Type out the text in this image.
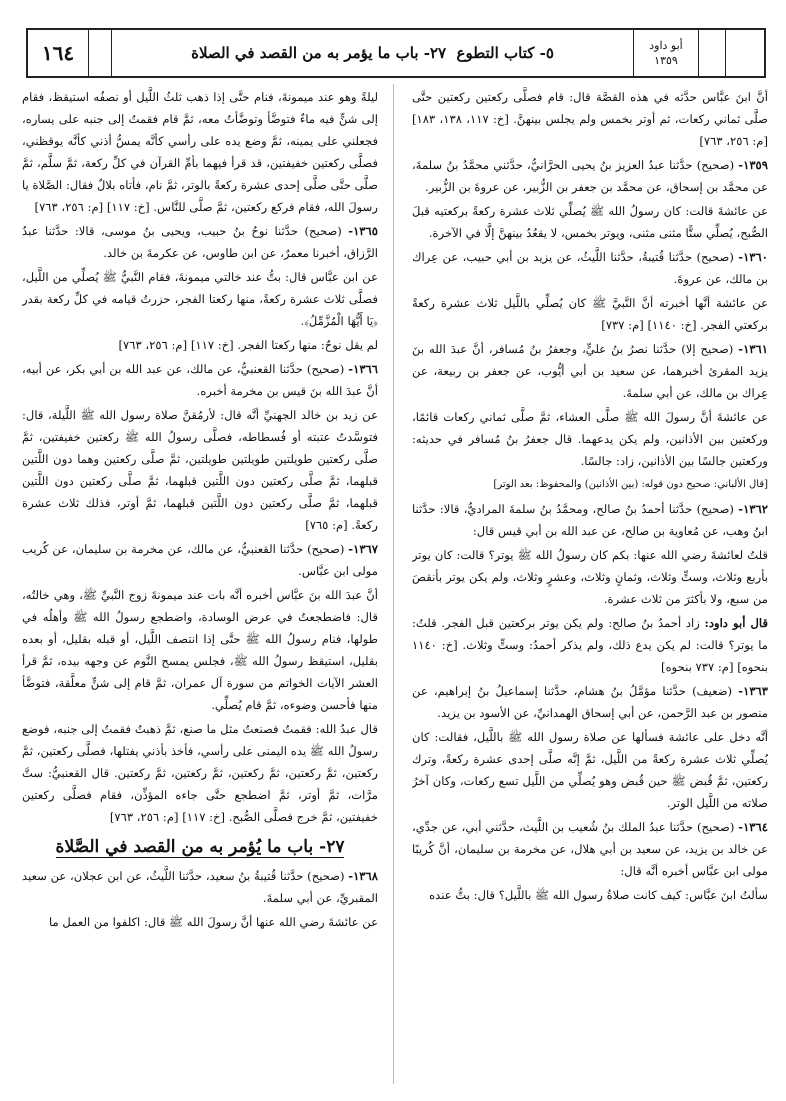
١٦٤	٥- كتاب التطوع

٢٧- باب ما يؤمر به من القصد في الصلاة	أبو داود
١٣٥٩

أنَّ ابنَ عبَّاس حدَّثه في هذه القصَّة قال: قام فصلَّى ركعتين ركعتين حتَّى صلَّى ثماني ركعات، ثم أوتر بخمس ولم يجلس بينهنَّ. [خ: ١١٧، ١٣٨، ١٨٣] [م: ٢٥٦، ٧٦٣]

١٣٥٩- (صحيح) حدَّثنا عبدُ العزيز بنُ يحيى الحرَّانيُّ، حدَّثني محمَّدُ بنُ سلمةَ، عن محمَّد بن إسحاق، عن محمَّد بن جعفر بن الزُّبير، عن عروةَ بن الزُّبير.

عن عائشةَ قالت: كان رسولُ الله ﷺ يُصلِّي ثلاث عشرة ركعةً بركعتيه قبلَ الصُّبح، يُصلِّي ستًّا مثنى مثنى، ويوتر بخمس، لا يقعُدُ بينهنَّ إلَّا في الآخرة.

١٣٦٠- (صحيح) حدَّثنا قُتيبةُ، حدَّثنا اللَّيثُ، عن يزيد بن أبي حبيب، عن عِراك بن مالك، عن عروةَ.

عن عائشة أنَّها أخبرته أنَّ النَّبيَّ ﷺ كان يُصلِّي باللَّيل ثلاث عشرة ركعةً بركعتي الفجر. [خ: ١١٤٠] [م: ٧٣٧]

١٣٦١- (صحيح إلا) حدَّثنا نصرُ بنُ عليٍّ، وجعفرُ بنُ مُسافر، أنَّ عبدَ الله بنَ يزيد المقرئ أخبرهما، عن سعيد بن أبي أيُّوب، عن جعفر بن ربيعة، عن عِراك بن مالك، عن أبي سلمةَ.

عن عائشةَ أنَّ رسولَ الله ﷺ صلَّى العشاء، ثمَّ صلَّى ثماني ركعات قائمًا، وركعتين بين الأذانين، ولم يكن يدعهما. قال جعفرُ بنُ مُسافر في حديثه: وركعتين جالسًا بين الأذانين، زاد: جالسًا.

[قال الألباني: صحيح دون قوله: (بين الأذانين) والمحفوظ: بعد الوتر]

١٣٦٢- (صحيح) حدَّثنا أحمدُ بنُ صالح، ومحمَّدُ بنُ سلمةَ المراديُّ، قالا: حدَّثنا ابنُ وهب، عن مُعاوية بن صالح، عن عبد الله بن أبي قيس قال:

قلتُ لعائشةَ رضي الله عنها: بكم كان رسولُ الله ﷺ يوتر؟ قالت: كان يوتر بأربع وثلاث، وستٍّ وثلاث، وثمانٍ وثلاث، وعشرٍ وثلاث، ولم يكن يوتر بأنقصَ من سبع، ولا بأكثرَ من ثلاث عشرة.

قال أبو داود: زاد أحمدُ بنُ صالح: ولم يكن يوتر بركعتين قبل الفجر. قلتُ: ما يوتر؟ قالت: لم يكن يدع ذلك، ولم يذكر أحمدُ: وستٍّ وثلاث. [خ: ١١٤٠ بنحوه] [م: ٧٣٧ بنحوه]

١٣٦٣- (ضعيف) حدَّثنا مؤمَّلُ بنُ هشام، حدَّثنا إسماعيلُ بنُ إبراهيم، عن منصور بن عبد الرَّحمن، عن أبي إسحاق الهمدانيِّ، عن الأسود بن يزيد.

أنَّه دخل على عائشة فسألها عن صلاة رسول الله ﷺ باللَّيل، فقالت: كان يُصلِّي ثلاث عشرة ركعةً من اللَّيل، ثمَّ إنَّه صلَّى إحدى عشرة ركعةً، وترك ركعتين، ثمَّ قُبض ﷺ حين قُبض وهو يُصلِّي من اللَّيل تسع ركعات، وكان آخرُ صلاته من اللَّيل الوتر.

١٣٦٤- (صحيح) حدَّثنا عبدُ الملك بنُ شُعيب بن اللَّيث، حدَّثني أبي، عن جدِّي، عن خالد بن يزيد، عن سعيد بن أبي هلال، عن مخرمة بن سليمان، أنَّ كُريبًا مولى ابن عبَّاس أخبره أنَّه قال:

سألتُ ابنَ عبَّاس: كيف كانت صلاةُ رسول الله ﷺ باللَّيل؟ قال: بتُّ عنده

ليلةً وهو عند ميمونةَ، فنام حتَّى إذا ذهب ثلثُ اللَّيل أو نصفُه استيقظ، فقام إلى شنٍّ فيه ماءٌ فتوضَّأ وتوضَّأتُ معه، ثمَّ قام فقمتُ إلى جنبه على يساره، فجعلني على يمينه، ثمَّ وضع يده على رأسي كأنَّه يمسُّ أذني كأنَّه يوقظني، فصلَّى ركعتين خفيفتين، قد قرأ فيهما بأمِّ القرآن في كلِّ ركعة، ثمَّ سلَّم، ثمَّ صلَّى حتَّى صلَّى إحدى عشرة ركعةً بالوتر، ثمَّ نام، فأتاه بلالٌ فقال: الصَّلاة يا رسولَ الله، فقام فركع ركعتين، ثمَّ صلَّى للنَّاس. [خ: ١١٧] [م: ٢٥٦، ٧٦٣]

١٣٦٥- (صحيح) حدَّثنا نوحُ بنُ حبيب، ويحيى بنُ موسى، قالا: حدَّثنا عبدُ الرَّزاق، أخبرنا معمرٌ، عن ابن طاوس، عن عكرمةَ بن خالد.

عن ابن عبَّاس قال: بتُّ عند خالتي ميمونةَ، فقام النَّبيُّ ﷺ يُصلِّي من اللَّيل، فصلَّى ثلاث عشرة ركعةً، منها ركعتا الفجر، حزرتُ قيامه في كلِّ ركعة بقدر ﴿يَا أَيُّهَا الْمُزَّمِّلُ﴾.

لم يقل نوحٌ: منها ركعتا الفجر. [خ: ١١٧] [م: ٢٥٦، ٧٦٣]

١٣٦٦- (صحيح) حدَّثنا القعنبيُّ، عن مالك، عن عبد الله بن أبي بكر، عن أبيه، أنَّ عبدَ الله بنَ قيس بن مخرمة أخبره.

عن زيد بن خالد الجهنيِّ أنَّه قال: لأرمُقنَّ صلاة رسول الله ﷺ اللَّيلة، قال: فتوسَّدتُ عتبته أو فُسطاطه، فصلَّى رسولُ الله ﷺ ركعتين خفيفتين، ثمَّ صلَّى ركعتين طويلتين طويلتين طويلتين، ثمَّ صلَّى ركعتين وهما دون اللَّتين قبلهما، ثمَّ صلَّى ركعتين دون اللَّتين قبلهما، ثمَّ صلَّى ركعتين دون اللَّتين قبلهما، ثمَّ صلَّى ركعتين دون اللَّتين قبلهما، ثمَّ أوتر، فذلك ثلاث عشرة ركعةً. [م: ٧٦٥]

١٣٦٧- (صحيح) حدَّثنا القعنبيُّ، عن مالك، عن مخرمة بن سليمان، عن كُريب مولى ابن عبَّاس.

أنَّ عبدَ الله بنَ عبَّاس أخبره أنَّه بات عند ميمونةَ زوج النَّبيِّ ﷺ، وهي خالتُه، قال: فاضطجعتُ في عرض الوسادة، واضطجع رسولُ الله ﷺ وأهلُه في طولها، فنام رسولُ الله ﷺ حتَّى إذا انتصف اللَّيل، أو قبله بقليل، أو بعده بقليل، استيقظ رسولُ الله ﷺ، فجلس يمسح النَّوم عن وجهه بيده، ثمَّ قرأ العشر الآيات الخواتم من سورة آل عمران، ثمَّ قام إلى شنٍّ معلَّقة، فتوضَّأ منها فأحسن وضوءه، ثمَّ قام يُصلِّي.

قال عبدُ الله: فقمتُ فصنعتُ مثل ما صنع، ثمَّ ذهبتُ فقمتُ إلى جنبه، فوضع رسولُ الله ﷺ يده اليمنى على رأسي، فأخذ بأذني يفتلها، فصلَّى ركعتين، ثمَّ ركعتين، ثمَّ ركعتين، ثمَّ ركعتين، ثمَّ ركعتين، ثمَّ ركعتين. قال القعنبيُّ: ستَّ مرَّات، ثمَّ أوتر، ثمَّ اضطجع حتَّى جاءه المؤذِّن، فقام فصلَّى ركعتين خفيفتين، ثمَّ خرج فصلَّى الصُّبح. [خ: ١١٧] [م: ٢٥٦، ٧٦٣]

٢٧- باب ما يُؤمر به من القصد في الصَّلاة

١٣٦٨- (صحيح) حدَّثنا قُتيبةُ بنُ سعيد، حدَّثنا اللَّيثُ، عن ابن عجلان، عن سعيد المقبريِّ، عن أبي سلمةَ.

عن عائشةَ رضي الله عنها أنَّ رسولَ الله ﷺ قال: اكلفوا من العمل ما
